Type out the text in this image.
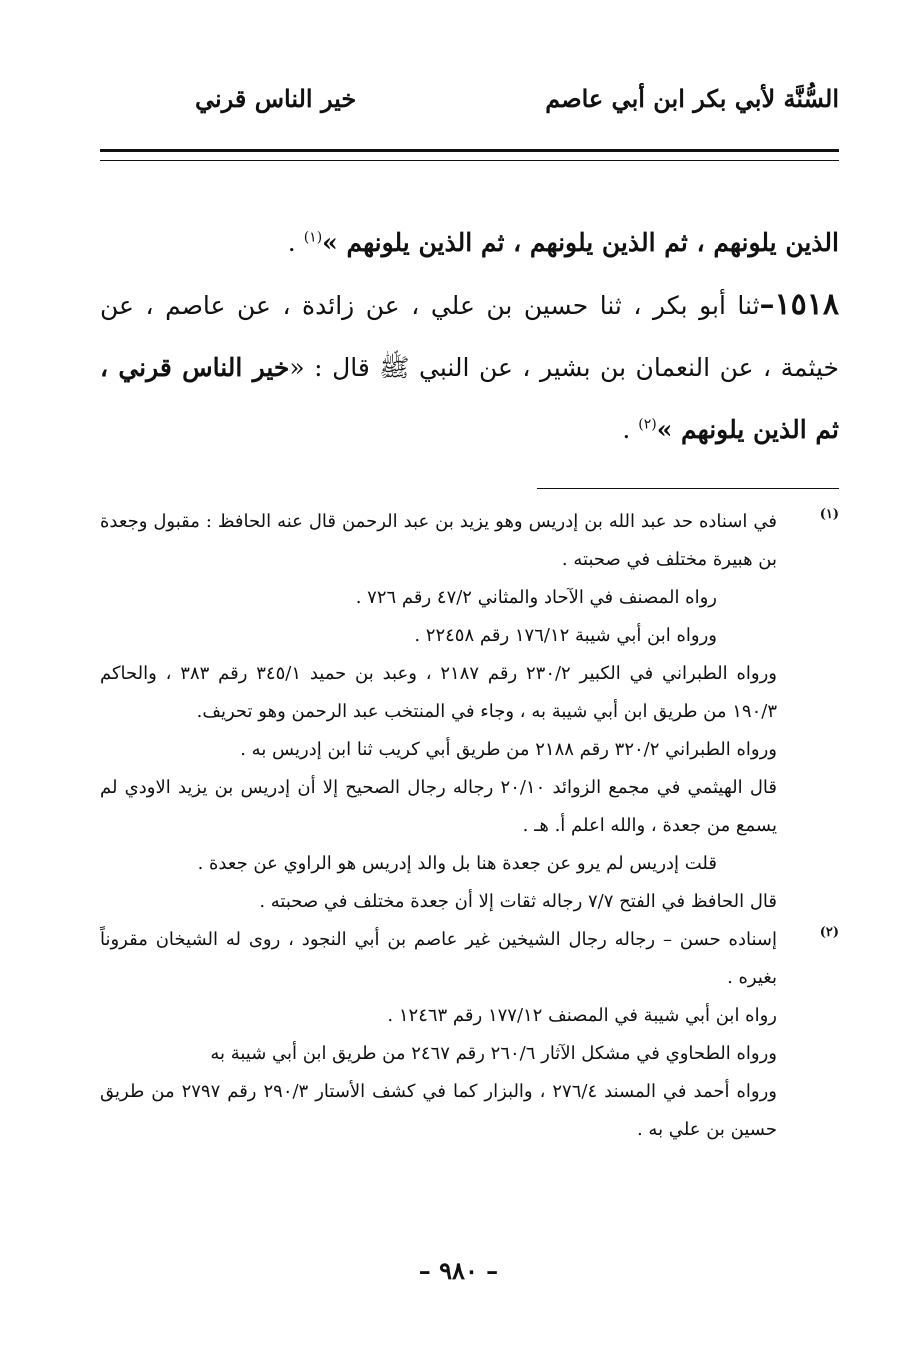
السُّنَّة لأبي بكر ابن أبي عاصم
خير الناس قرني

الذين يلونهم ، ثم الذين يلونهم ، ثم الذين يلونهم »$^{(١)}$ .

١٥١٨–ثنا أبو بكر ، ثنا حسين بن علي ، عن زائدة ، عن عاصم ، عن خيثمة ، عن النعمان بن بشير ، عن النبي ﷺ قال : «خير الناس قرني ، ثم الذين يلونهم »$^{(٢)}$ .

(١)

في اسناده حد عبد الله بن إدريس وهو يزيد بن عبد الرحمن قال عنه الحافظ : مقبول وجعدة بن هبيرة مختلف في صحبته .

رواه المصنف في الآحاد والمثاني ٤٧/٢ رقم ٧٢٦ .

ورواه ابن أبي شيبة ١٧٦/١٢ رقم ٢٢٤٥٨ .

ورواه الطبراني في الكبير ٢٣٠/٢ رقم ٢١٨٧ ، وعبد بن حميد ٣٤٥/١ رقم ٣٨٣ ، والحاكم ١٩٠/٣ من طريق ابن أبي شيبة به ، وجاء في المنتخب عبد الرحمن وهو تحريف.

ورواه الطبراني ٣٢٠/٢ رقم ٢١٨٨ من طريق أبي كريب ثنا ابن إدريس به .

قال الهيثمي في مجمع الزوائد ٢٠/١٠ رجاله رجال الصحيح إلا أن إدريس بن يزيد الاودي لم يسمع من جعدة ، والله اعلم أ. هـ .

قلت إدريس لم يرو عن جعدة هنا بل والد إدريس هو الراوي عن جعدة .

قال الحافظ في الفتح ٧/٧ رجاله ثقات إلا أن جعدة مختلف في صحبته .

(٢)

إسناده حسن – رجاله رجال الشيخين غير عاصم بن أبي النجود ، روى له الشيخان مقروناً بغيره .

رواه ابن أبي شيبة في المصنف ١٧٧/١٢ رقم ١٢٤٦٣ .

ورواه الطحاوي في مشكل الآثار ٢٦٠/٦ رقم ٢٤٦٧ من طريق ابن أبي شيبة به

ورواه أحمد في المسند ٢٧٦/٤ ، والبزار كما في كشف الأستار ٢٩٠/٣ رقم ٢٧٩٧ من طريق حسين بن علي به .

– ٩٨٠ –
